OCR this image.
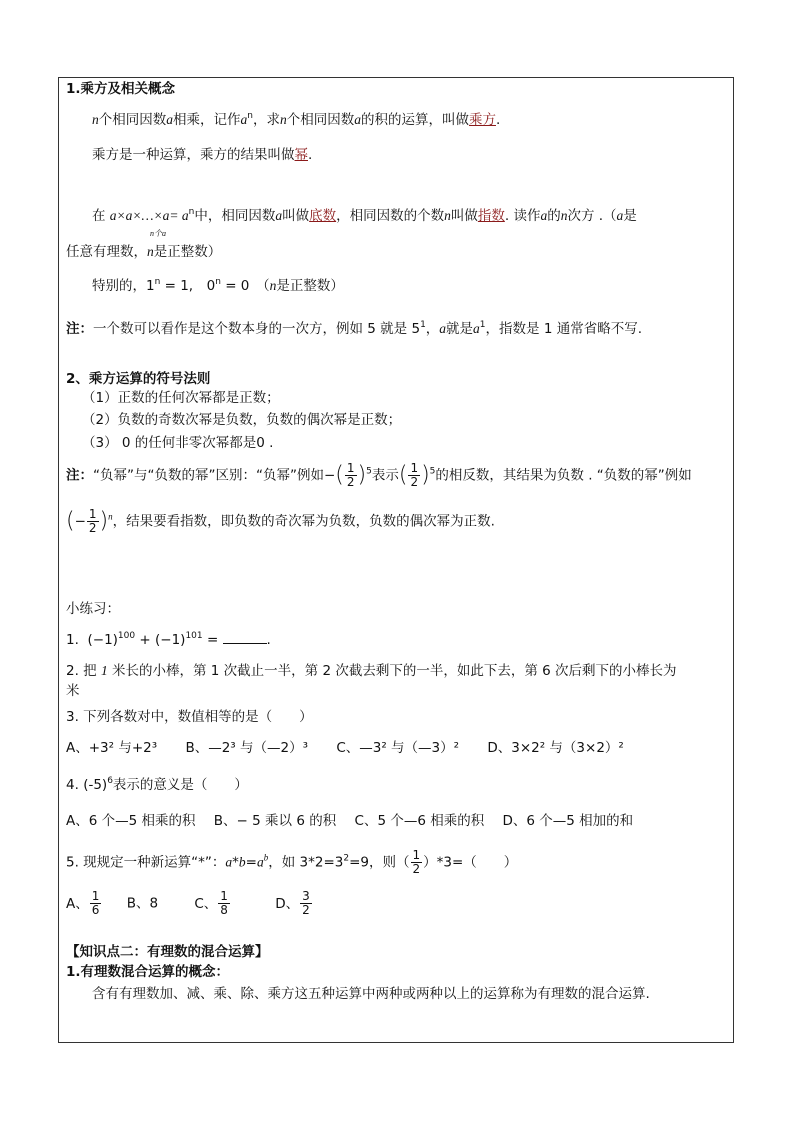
1.乘方及相关概念
n个相同因数a相乘，记作$a^n$，求n个相同因数a的积的运算，叫做乘方.
乘方是一种运算，乘方的结果叫做幂.
在 a×a×…×a= $a^n$中，相同因数a叫做底数，相同因数的个数n叫做指数. 读作a的n次方 .（a是
n个a
任意有理数，n是正整数）
特别的，$1^n = 1$,　$0^n = 0$　（n是正整数）
注：一个数可以看作是这个数本身的一次方，例如 5 就是 $5^1$，a就是$a^1$，指数是 1 通常省略不写.
2、乘方运算的符号法则
（1）正数的任何次幂都是正数；
（2）负数的奇数次幂是负数，负数的偶次幂是正数；
（3） 0 的任何非零次幂都是0 .
注：“负幂”与“负数的幂”区别：“负幂”例如−( $\frac{1}{2} )^5$表示( $\frac{1}{2} )^5$的相反数，其结果为负数 . “负数的幂”例如
(− $\frac{1}{2} )^n$，结果要看指数，即负数的奇次幂为负数，负数的偶次幂为正数.
小练习：
1. $(-1)^{100} + (-1)^{101}$ =	.
2. 把 1 米长的小棒，第 1 次截止一半，第 2 次截去剩下的一半，如此下去，第 6 次后剩下的小棒长为
米
3. 下列各数对中，数值相等的是（　　）
A、+3² 与+2³ B、—2³ 与（—2）³ C、—3² 与（—3）² D、3×2² 与（3×2）²
4. $(-5)^6$表示的意义是（　　）
A、6 个—5 相乘的积 B、− 5 乘以 6 的积 C、5 个—6 相乘的积 D、6 个—5 相加的和
5. 现规定一种新运算“*”：$a*b=a^b$，如 $3*2=3^2=9$，则（ $\frac{1}{2} )*3=$（　　）
A、 $\frac{1}{6}$ B、8	C、 $\frac{1}{8}$	D、 $\frac{3}{2}$
【知识点二：有理数的混合运算】
1.有理数混合运算的概念：
含有有理数加、减、乘、除、乘方这五种运算中两种或两种以上的运算称为有理数的混合运算.
